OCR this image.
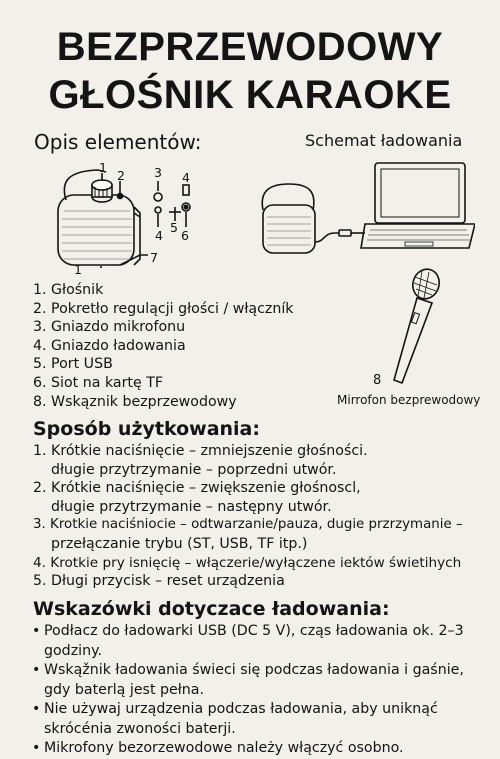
BEZPRZEWODOWY
GŁOŚNIK KARAOKE
Opis elementów:	Schemat ładowania
1
2 3 4
5
6
7
4
1
8
Mirrofon bezprewodowy
1. Głośnik
2. Pokretło regulącji głości / włączník
3. Gniazdo mikrofonu
4. Gniazdo ładowania
5. Port USB
6. Siot na kartę TF
8. Wskąznik bezprzewodowy
Sposób użytkowania:
1. Krótkie naciśnięcie – zmniejszenie głośności.
długie przytrzymanie – poprzedni utwór.
2. Krótkie naciśnięcie – zwiększenie głośnoscl,
długie przytrzymanie – następny utwór.
3. Krotkie naciśniocie – odtwarzanie/pauza, dugie przrzymanie –
przełączanie trybu (ST, USB, TF itp.)
4. Krotkie pry isnięcię – włączerie/wyłączene iektów świetihych
5. Długi przycisk – reset urządzenia
Wskazówki dotyczace ładowania:
• Podłacz do ładowarki USB (DC 5 V), cząs ładowania ok. 2–3
godziny.
• Wskąžnik ładowania świeci się podczas ładowania i gaśnie,
gdy baterlą jest pełna.
• Nie używaj urządzenia podczas ładowania, aby uniknąć
skrócénia zwoności baterji.
• Mikrofony bezorzewodowe należy włączyć osobno.
